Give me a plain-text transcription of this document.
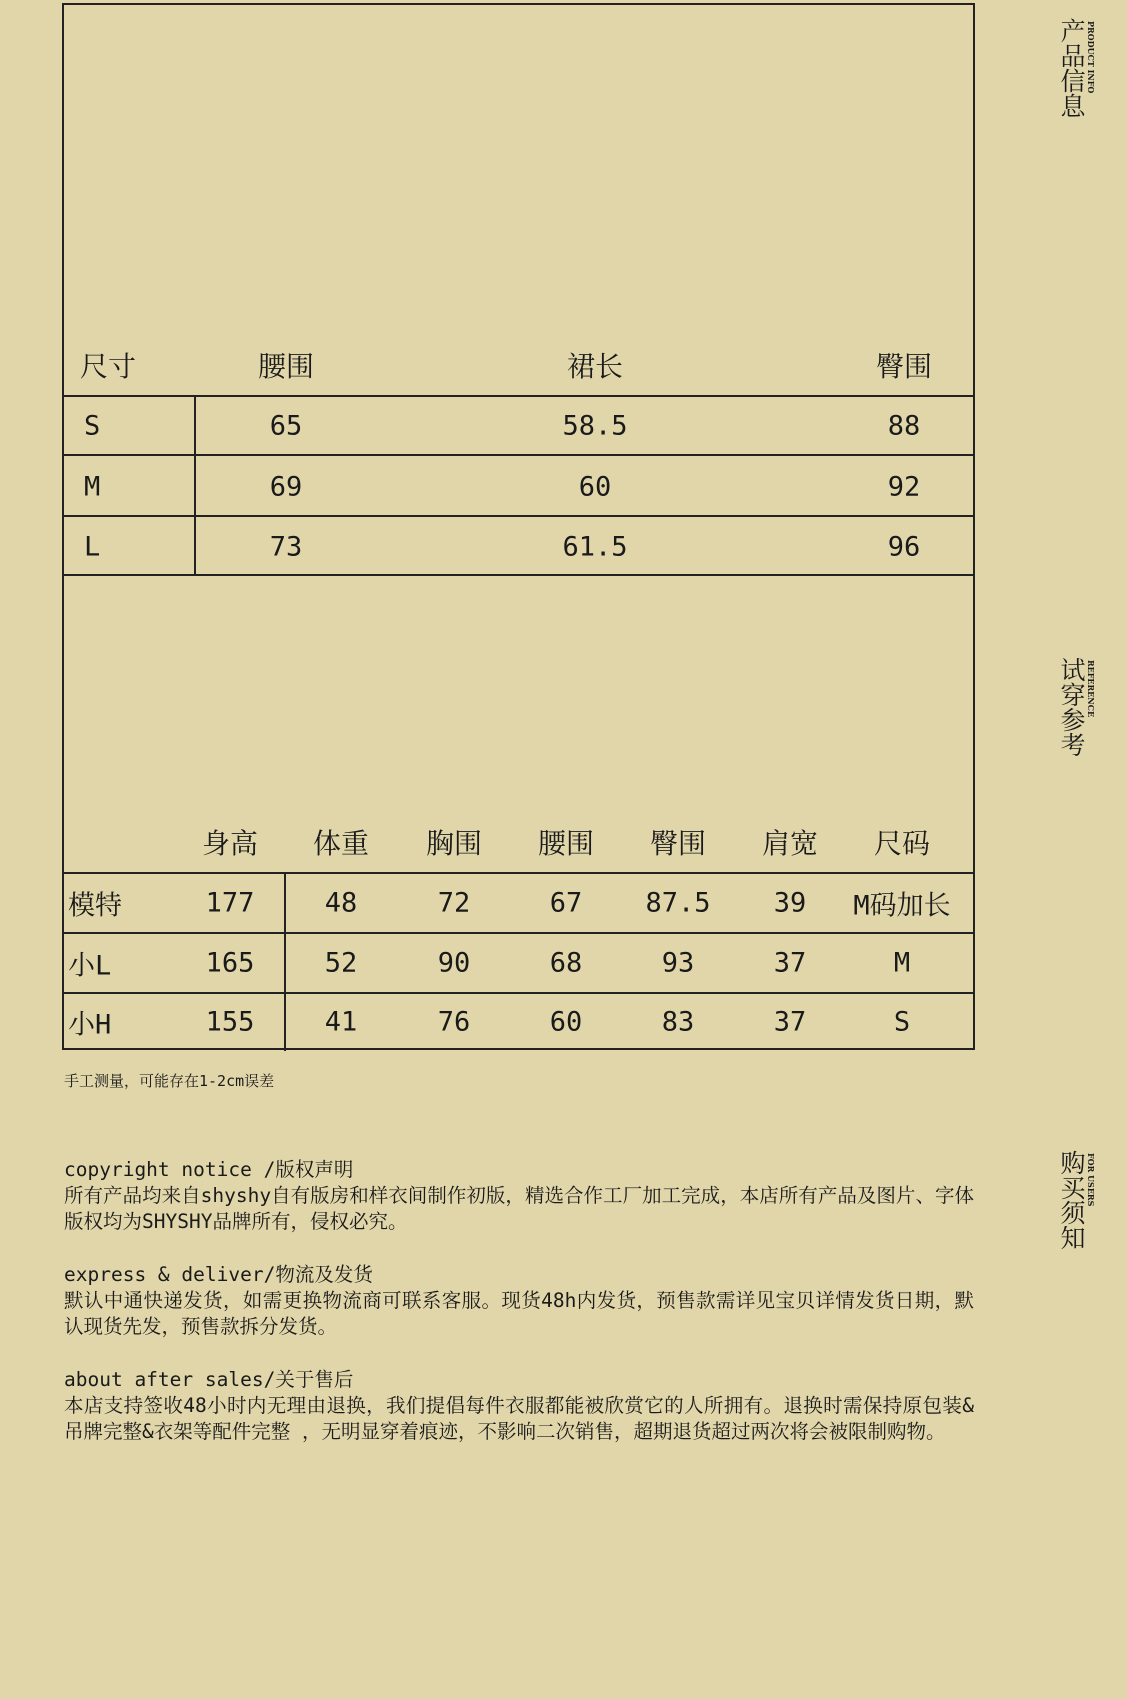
尺寸	腰围	裙长	臀围
S	65	58.5	88
M	69	60	92
L	73	61.5	96
身高 体重 胸围 腰围 臀围 肩宽 尺码
模特	177	48	72	67 87.5 39 M码加长
小L	165	52	90	68	93	37	M
小H	155	41	76	60	83	37	S
手工测量，可能存在1-2cm误差

copyright notice /版权声明
所有产品均来自shyshy自有版房和样衣间制作初版，精选合作工厂加工完成，本店所有产品及图片、字体版权均为SHYSHY品牌所有，侵权必究。

express & deliver/物流及发货
默认中通快递发货，如需更换物流商可联系客服。现货48h内发货，预售款需详见宝贝详情发货日期，默认现货先发，预售款拆分发货。

about after sales/关于售后
本店支持签收48小时内无理由退换，我们提倡每件衣服都能被欣赏它的人所拥有。退换时需保持原包装&吊牌完整&衣架等配件完整 ，无明显穿着痕迹，不影响二次销售，超期退货超过两次将会被限制购物。

产品信息 PRODUCT INFO
试穿参考 REFERENCE
购买须知 FOR USERS
